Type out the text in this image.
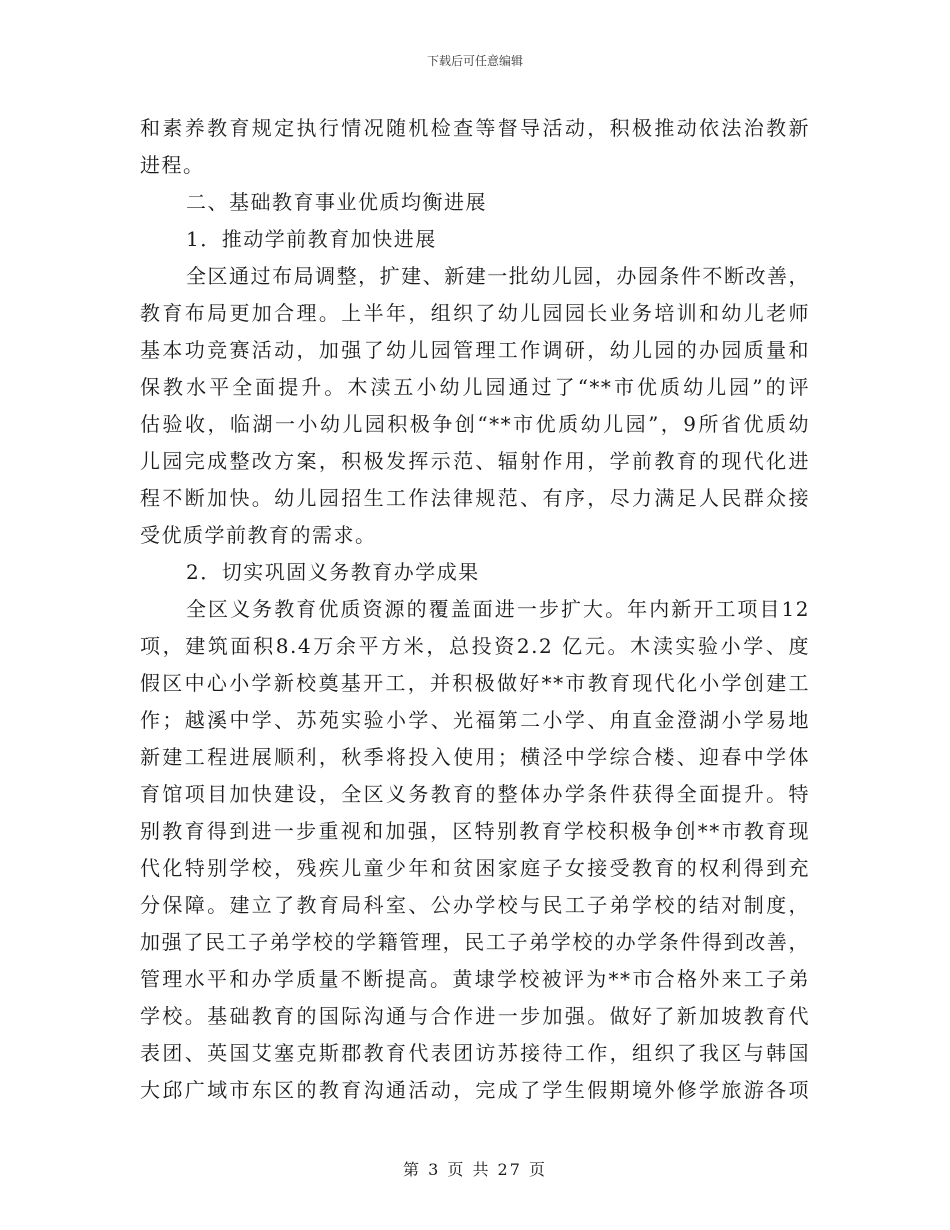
下载后可任意编辑
和素养教育规定执行情况随机检查等督导活动，积极推动依法治教新
进程。
二、基础教育事业优质均衡进展
1．推动学前教育加快进展
全区通过布局调整，扩建、新建一批幼儿园，办园条件不断改善，
教育布局更加合理。上半年，组织了幼儿园园长业务培训和幼儿老师
基本功竞赛活动，加强了幼儿园管理工作调研，幼儿园的办园质量和
保教水平全面提升。木渎五小幼儿园通过了“**市优质幼儿园”的评
估验收，临湖一小幼儿园积极争创“**市优质幼儿园”，9所省优质幼
儿园完成整改方案，积极发挥示范、辐射作用，学前教育的现代化进
程不断加快。幼儿园招生工作法律规范、有序，尽力满足人民群众接
受优质学前教育的需求。
2．切实巩固义务教育办学成果
全区义务教育优质资源的覆盖面进一步扩大。年内新开工项目12
项，建筑面积8.4万余平方米，总投资2.2 亿元。木渎实验小学、度
假区中心小学新校奠基开工，并积极做好**市教育现代化小学创建工
作；越溪中学、苏苑实验小学、光福第二小学、甪直金澄湖小学易地
新建工程进展顺利，秋季将投入使用；横泾中学综合楼、迎春中学体
育馆项目加快建设，全区义务教育的整体办学条件获得全面提升。特
别教育得到进一步重视和加强，区特别教育学校积极争创**市教育现
代化特别学校，残疾儿童少年和贫困家庭子女接受教育的权利得到充
分保障。建立了教育局科室、公办学校与民工子弟学校的结对制度，
加强了民工子弟学校的学籍管理，民工子弟学校的办学条件得到改善，
管理水平和办学质量不断提高。黄埭学校被评为**市合格外来工子弟
学校。基础教育的国际沟通与合作进一步加强。做好了新加坡教育代
表团、英国艾塞克斯郡教育代表团访苏接待工作，组织了我区与韩国
大邱广域市东区的教育沟通活动，完成了学生假期境外修学旅游各项
第 3 页 共 27 页
